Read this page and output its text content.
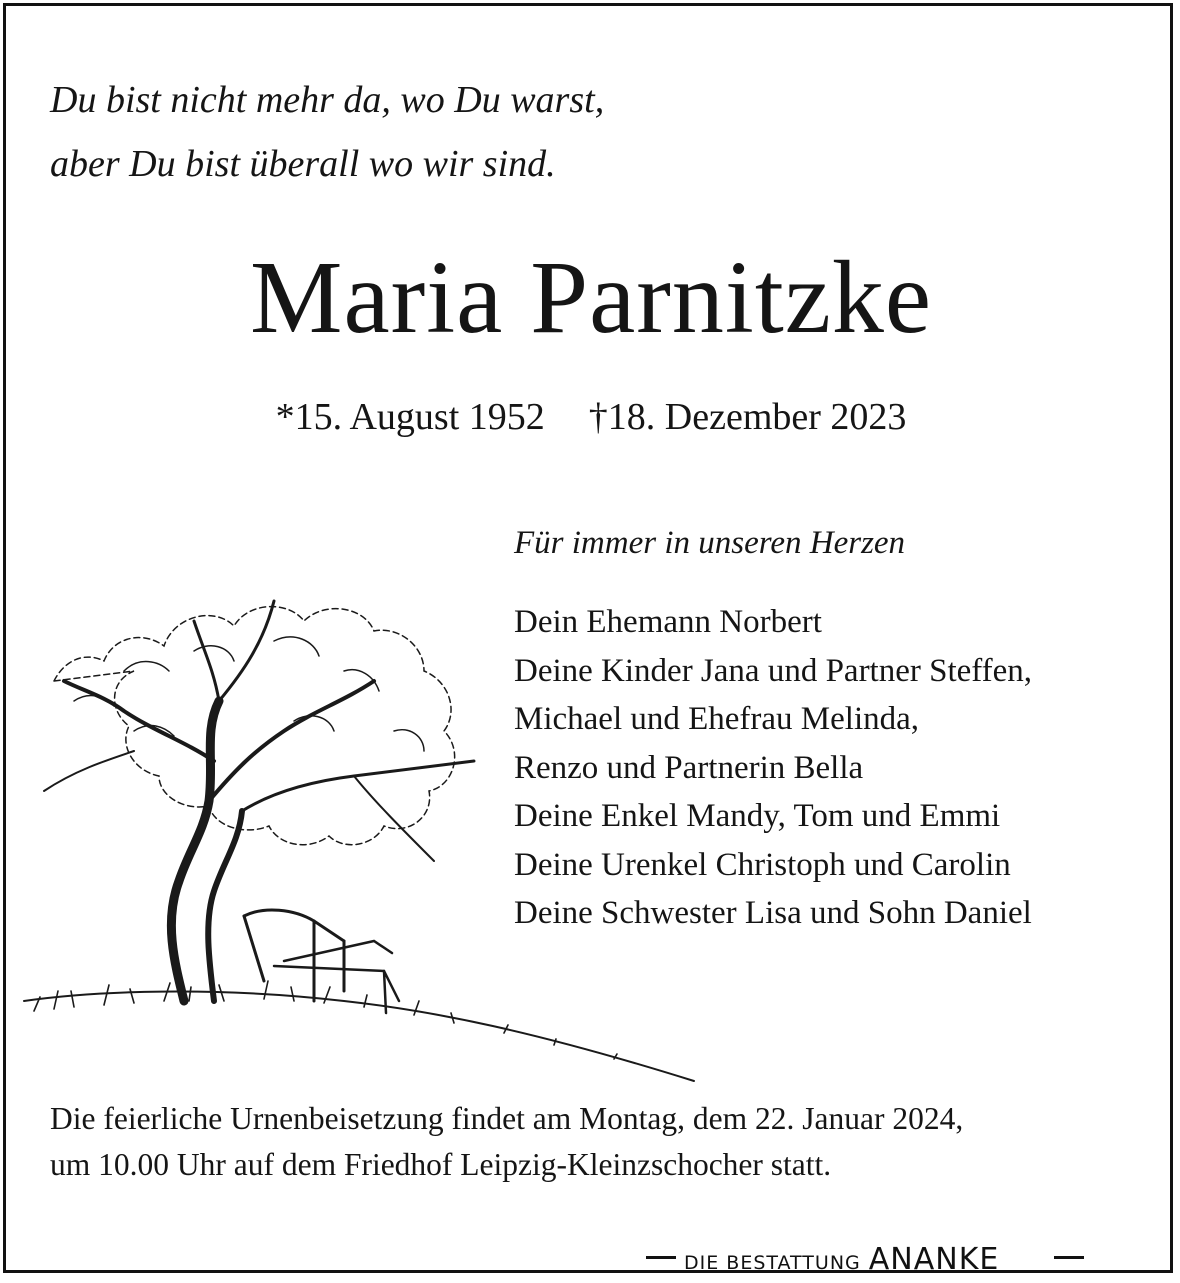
Du bist nicht mehr da, wo Du warst,
aber Du bist überall wo wir sind.
Maria Parnitzke
*15. August 1952 †18. Dezember 2023
Für immer in unseren Herzen
Dein Ehemann Norbert
Deine Kinder Jana und Partner Steffen,
Michael und Ehefrau Melinda,
Renzo und Partnerin Bella
Deine Enkel Mandy, Tom und Emmi
Deine Urenkel Christoph und Carolin
Deine Schwester Lisa und Sohn Daniel
Die feierliche Urnenbeisetzung findet am Montag, dem 22. Januar 2024,
um 10.00 Uhr auf dem Friedhof Leipzig-Kleinzschocher statt.
DIE BESTATTUNG ANANKE
